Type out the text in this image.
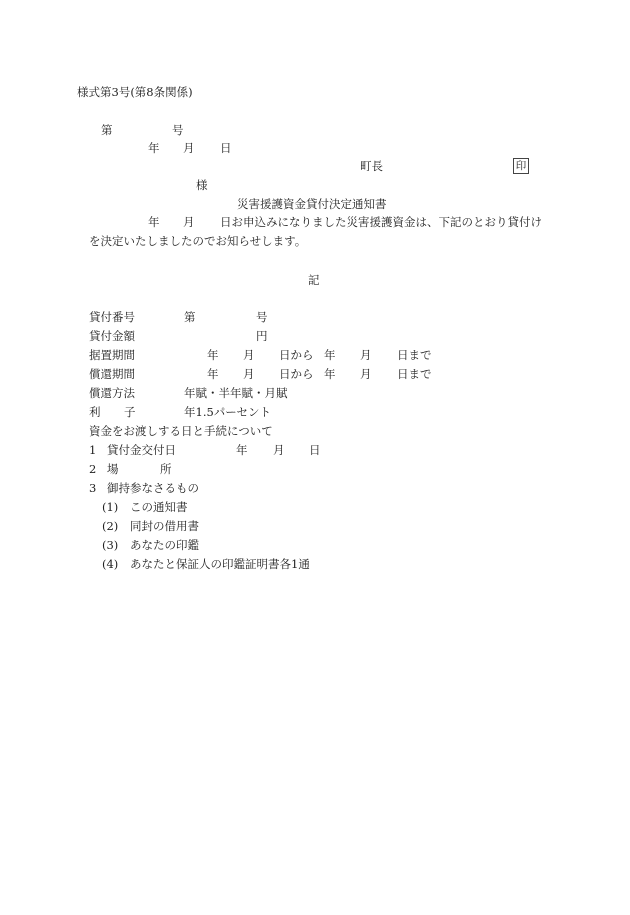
様式第3号(第8条関係)
第	号
年 月 日
町長	印
様
災害援護資金貸付決定通知書
年 月 日お申込みになりました災害援護資金は、下記のとおり貸付け
を決定いたしましたのでお知らせします。
記
貸付番号	第	号
貸付金額	円
据置期間	年 月 日から 年 月 日まで
償還期間	年 月 日から 年 月 日まで
償還方法	年賦・半年賦・月賦
利 子	年1.5パーセント
資金をお渡しする日と手続について
1 貸付金交付日	年 月 日
2 場	所
3 御持参なさるもの
(1) この通知書
(2) 同封の借用書
(3) あなたの印鑑
(4) あなたと保証人の印鑑証明書各1通
